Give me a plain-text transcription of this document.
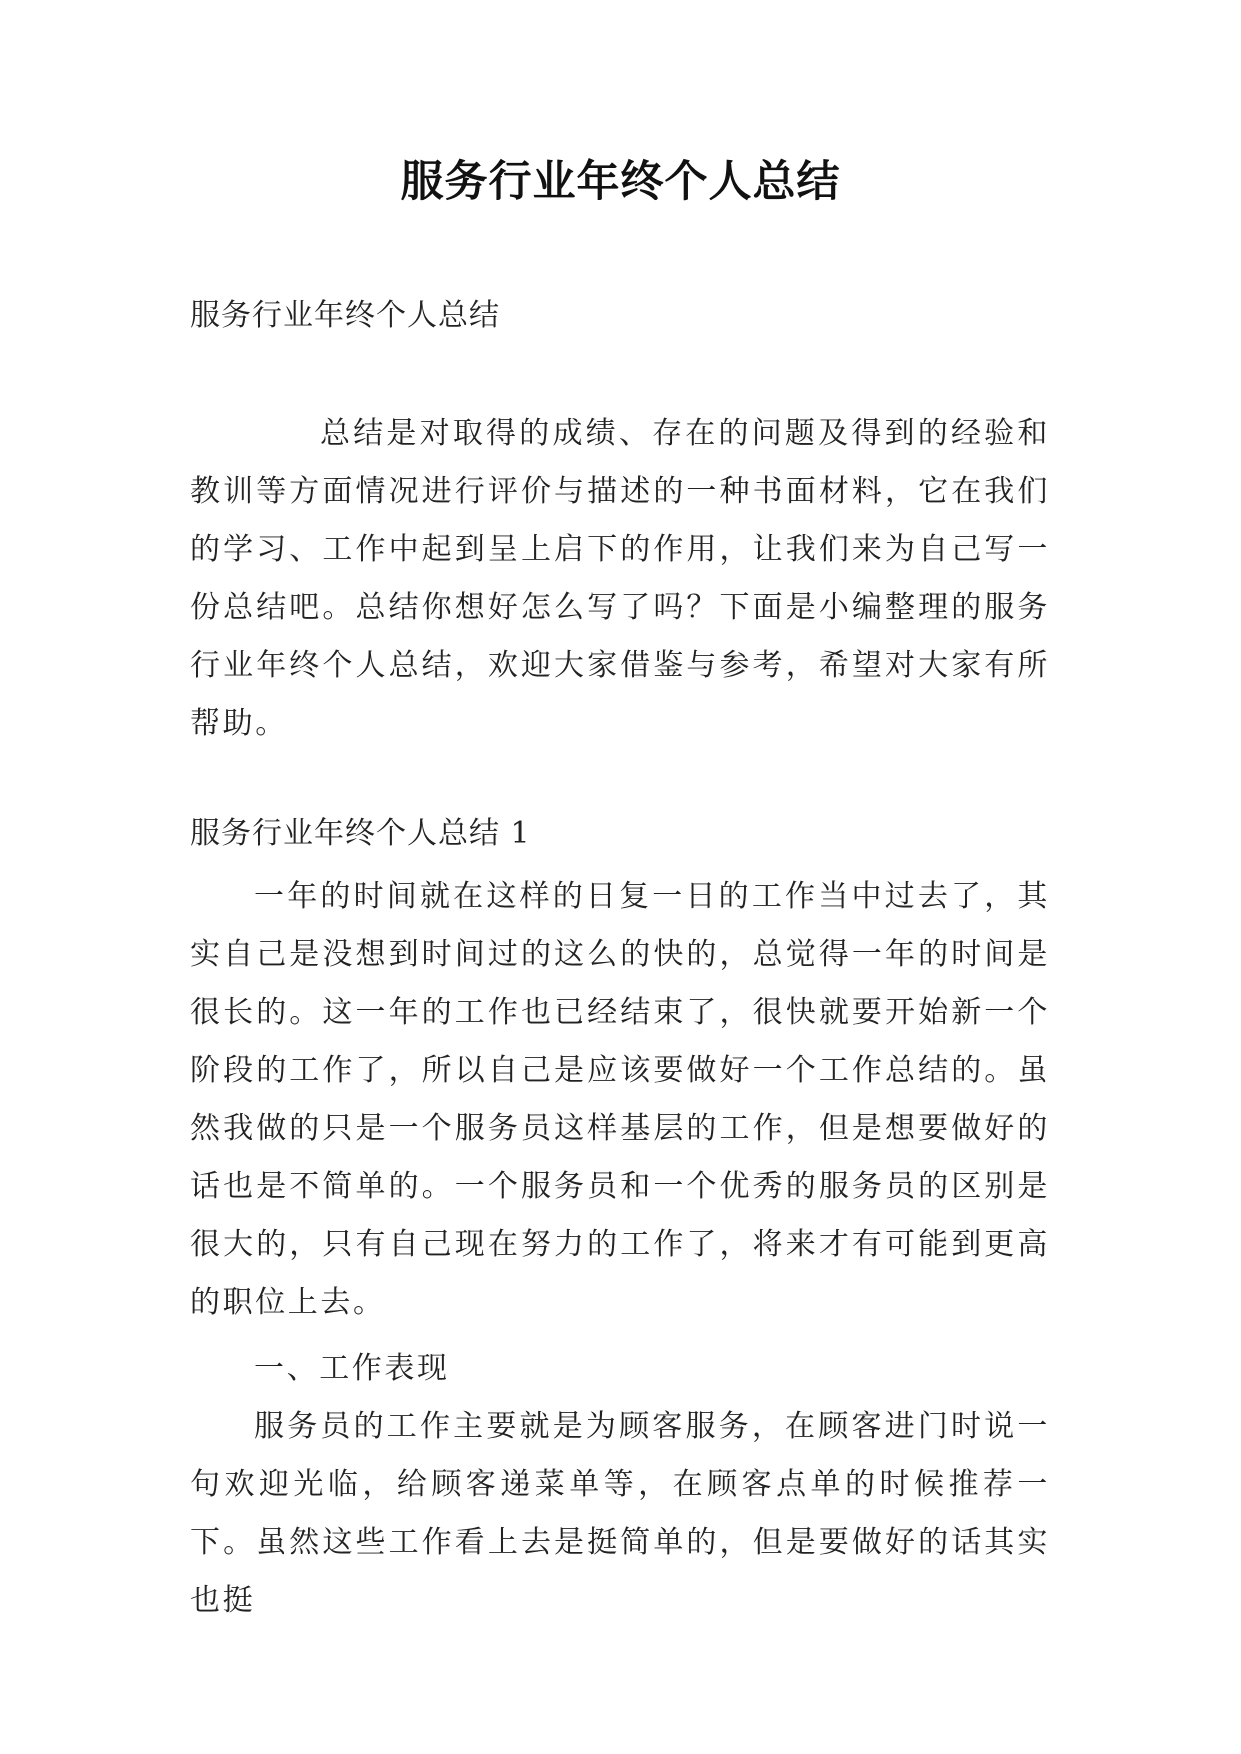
服务行业年终个人总结

服务行业年终个人总结

总结是对取得的成绩、存在的问题及得到的经验和教训等方面情况进行评价与描述的一种书面材料，它在我们的学习、工作中起到呈上启下的作用，让我们来为自己写一份总结吧。总结你想好怎么写了吗？下面是小编整理的服务行业年终个人总结，欢迎大家借鉴与参考，希望对大家有所帮助。

服务行业年终个人总结 1

一年的时间就在这样的日复一日的工作当中过去了，其实自己是没想到时间过的这么的快的，总觉得一年的时间是很长的。这一年的工作也已经结束了，很快就要开始新一个阶段的工作了，所以自己是应该要做好一个工作总结的。虽然我做的只是一个服务员这样基层的工作，但是想要做好的话也是不简单的。一个服务员和一个优秀的服务员的区别是很大的，只有自己现在努力的工作了，将来才有可能到更高的职位上去。

一、工作表现

服务员的工作主要就是为顾客服务，在顾客进门时说一句欢迎光临，给顾客递菜单等，在顾客点单的时候推荐一下。虽然这些工作看上去是挺简单的，但是要做好的话其实也挺
